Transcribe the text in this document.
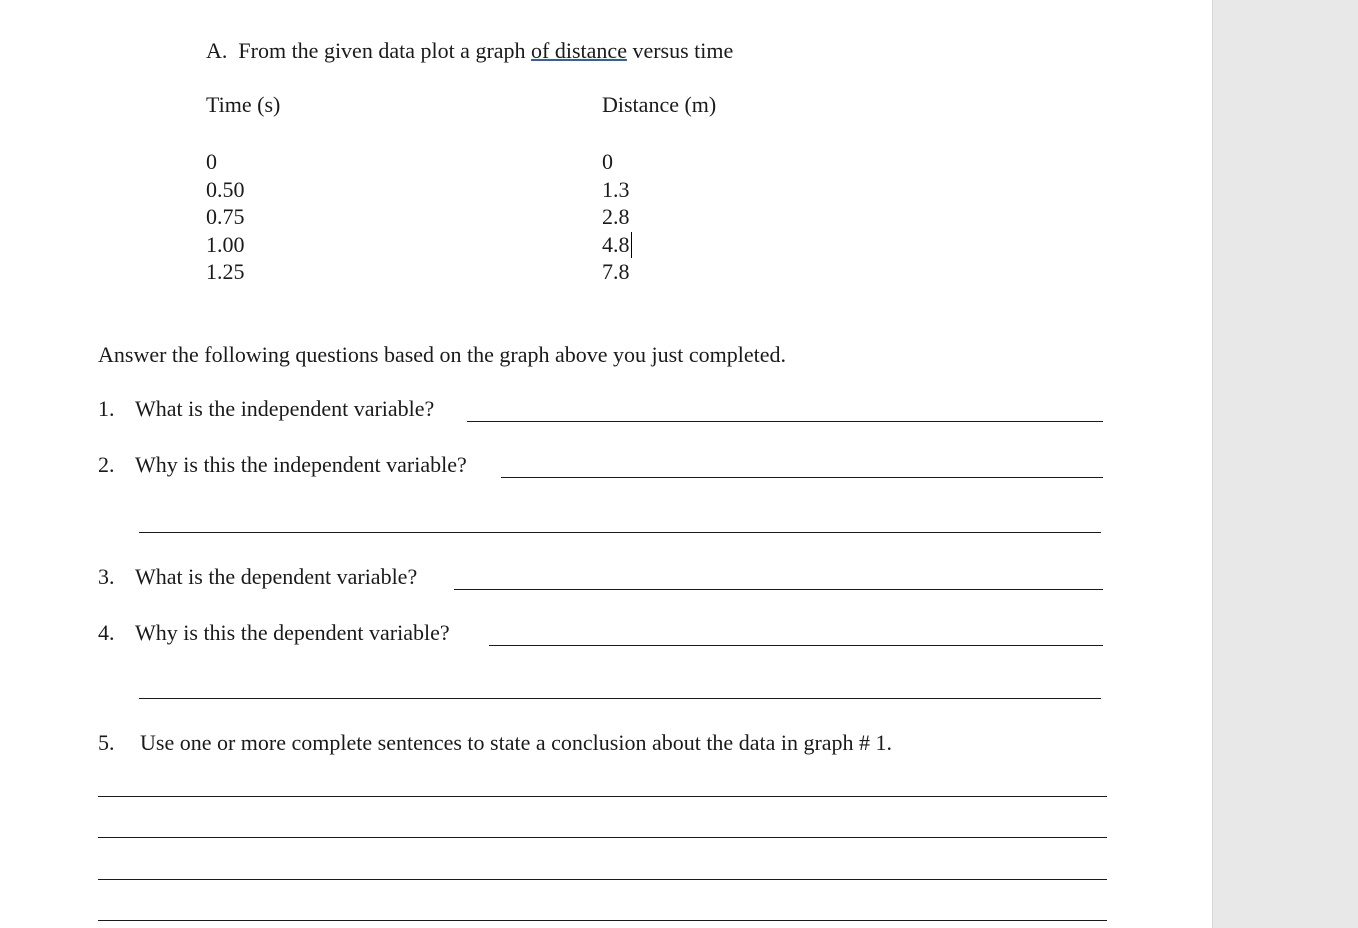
A. From the given data plot a graph of distance versus time
Time (s)	Distance (m)
0
0.50
0.75
1.00
1.25
0
1.3
2.8
4.8
7.8
Answer the following questions based on the graph above you just completed.
1. What is the independent variable?
2. Why is this the independent variable?
3. What is the dependent variable?
4. Why is this the dependent variable?
5. Use one or more complete sentences to state a conclusion about the data in graph # 1.
